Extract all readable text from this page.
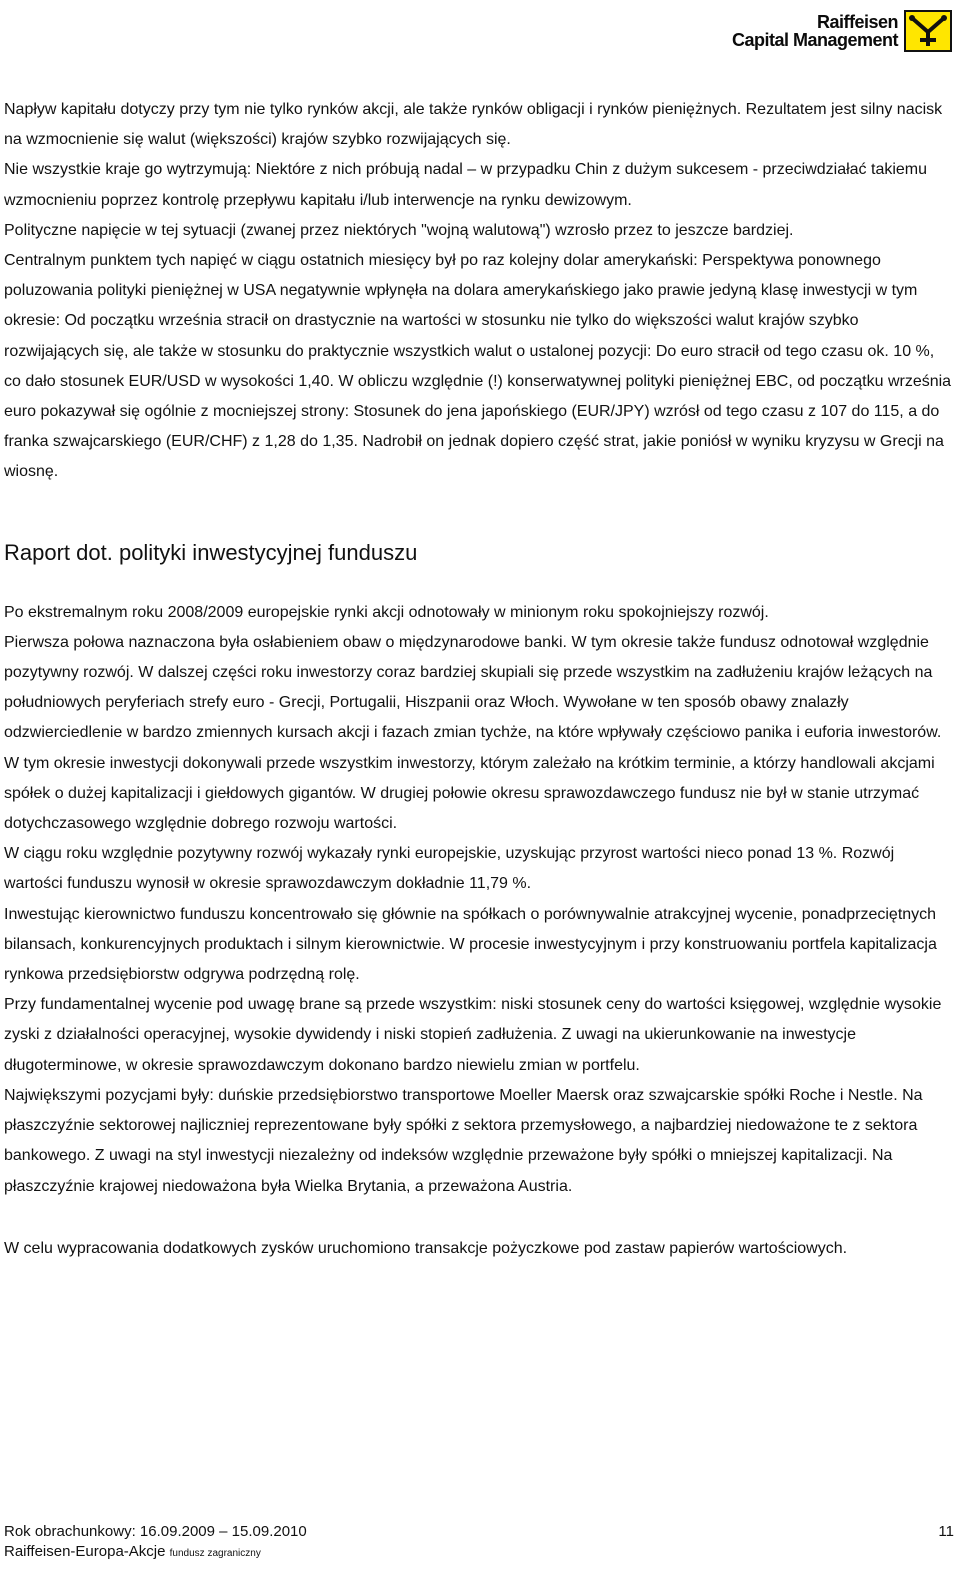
Raiffeisen
Capital Management

Napływ kapitału dotyczy przy tym nie tylko rynków akcji, ale także rynków obligacji i rynków pieniężnych. Rezultatem jest silny nacisk na wzmocnienie się walut (większości) krajów szybko rozwijających się.

Nie wszystkie kraje go wytrzymują: Niektóre z nich próbują nadal – w przypadku Chin z dużym sukcesem - przeciwdziałać takiemu wzmocnieniu poprzez kontrolę przepływu kapitału i/lub interwencje na rynku dewizowym.

Polityczne napięcie w tej sytuacji (zwanej przez niektórych "wojną walutową") wzrosło przez to jeszcze bardziej.

Centralnym punktem tych napięć w ciągu ostatnich miesięcy był po raz kolejny dolar amerykański: Perspektywa ponownego poluzowania polityki pieniężnej w USA negatywnie wpłynęła na dolara amerykańskiego jako prawie jedyną klasę inwestycji w tym okresie: Od początku września stracił on drastycznie na wartości w stosunku nie tylko do większości walut krajów szybko rozwijających się, ale także w stosunku do praktycznie wszystkich walut o ustalonej pozycji: Do euro stracił od tego czasu ok. 10 %, co dało stosunek EUR/USD w wysokości 1,40. W obliczu względnie (!) konserwatywnej polityki pieniężnej EBC, od początku września euro pokazywał się ogólnie z mocniejszej strony: Stosunek do jena japońskiego (EUR/JPY) wzrósł od tego czasu z 107 do 115, a do franka szwajcarskiego (EUR/CHF) z 1,28 do 1,35. Nadrobił on jednak dopiero część strat, jakie poniósł w wyniku kryzysu w Grecji na wiosnę.

Raport dot. polityki inwestycyjnej funduszu

Po ekstremalnym roku 2008/2009 europejskie rynki akcji odnotowały w minionym roku spokojniejszy rozwój.

Pierwsza połowa naznaczona była osłabieniem obaw o międzynarodowe banki. W tym okresie także fundusz odnotował względnie pozytywny rozwój. W dalszej części roku inwestorzy coraz bardziej skupiali się przede wszystkim na zadłużeniu krajów leżących na południowych peryferiach strefy euro - Grecji, Portugalii, Hiszpanii oraz Włoch. Wywołane w ten sposób obawy znalazły odzwierciedlenie w bardzo zmiennych kursach akcji i fazach zmian tychże, na które wpływały częściowo panika i euforia inwestorów. W tym okresie inwestycji dokonywali przede wszystkim inwestorzy, którym zależało na krótkim terminie, a którzy handlowali akcjami spółek o dużej kapitalizacji i giełdowych gigantów. W drugiej połowie okresu sprawozdawczego fundusz nie był w stanie utrzymać dotychczasowego względnie dobrego rozwoju wartości.

W ciągu roku względnie pozytywny rozwój wykazały rynki europejskie, uzyskując przyrost wartości nieco ponad 13 %. Rozwój wartości funduszu wynosił w okresie sprawozdawczym dokładnie 11,79 %.

Inwestując kierownictwo funduszu koncentrowało się głównie na spółkach o porównywalnie atrakcyjnej wycenie, ponadprzeciętnych bilansach, konkurencyjnych produktach i silnym kierownictwie. W procesie inwestycyjnym i przy konstruowaniu portfela kapitalizacja rynkowa przedsiębiorstw odgrywa podrzędną rolę.

Przy fundamentalnej wycenie pod uwagę brane są przede wszystkim: niski stosunek ceny do wartości księgowej, względnie wysokie zyski z działalności operacyjnej, wysokie dywidendy i niski stopień zadłużenia. Z uwagi na ukierunkowanie na inwestycje długoterminowe, w okresie sprawozdawczym dokonano bardzo niewielu zmian w portfelu.

Największymi pozycjami były: duńskie przedsiębiorstwo transportowe Moeller Maersk oraz szwajcarskie spółki Roche i Nestle. Na płaszczyźnie sektorowej najliczniej reprezentowane były spółki z sektora przemysłowego, a najbardziej niedoważone te z sektora bankowego. Z uwagi na styl inwestycji niezależny od indeksów względnie przeważone były spółki o mniejszej kapitalizacji. Na płaszczyźnie krajowej niedoważona była Wielka Brytania, a przeważona Austria.

W celu wypracowania dodatkowych zysków uruchomiono transakcje pożyczkowe pod zastaw papierów wartościowych.

Rok obrachunkowy: 16.09.2009 – 15.09.2010	11
Raiffeisen-Europa-Akcje fundusz zagraniczny
